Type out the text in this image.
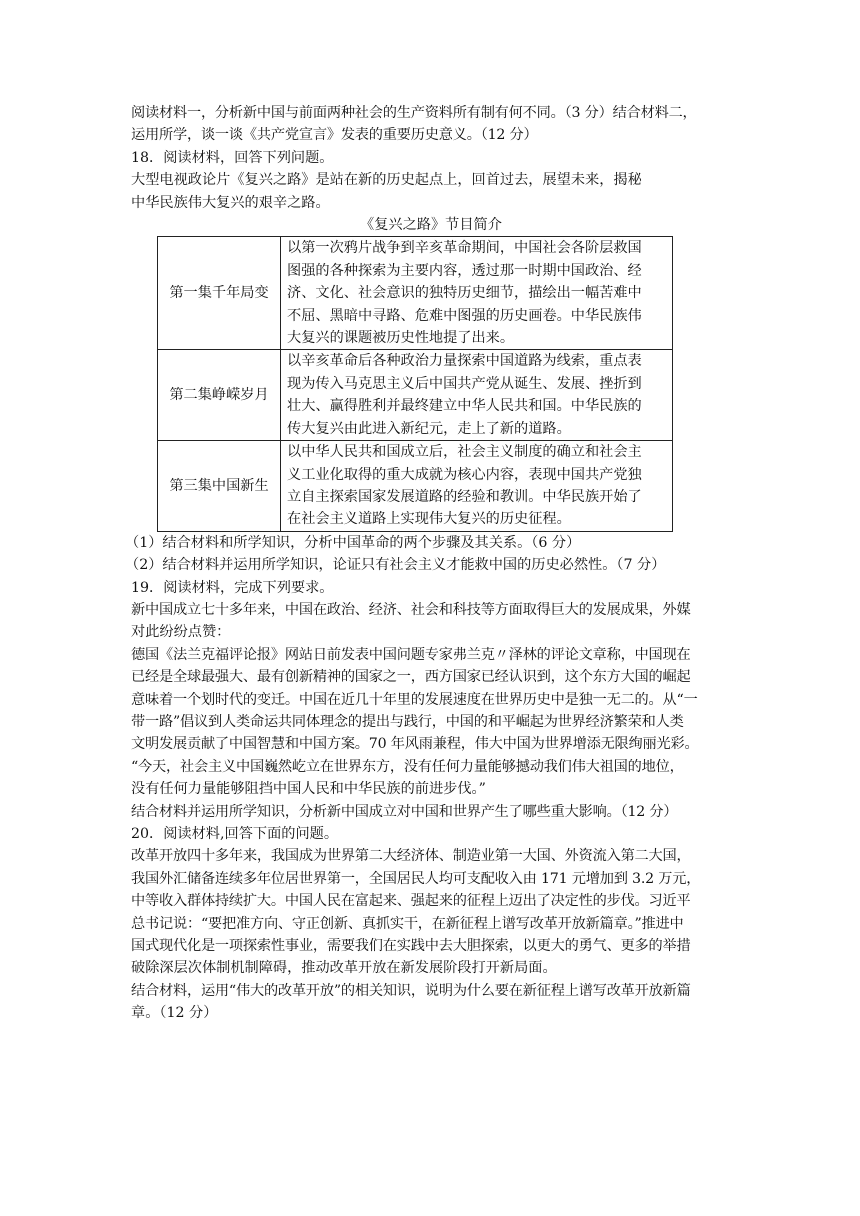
阅读材料一，分析新中国与前面两种社会的生产资料所有制有何不同。（3 分）结合材料二，

运用所学，谈一谈《共产党宣言》发表的重要历史意义。（12 分）

18．阅读材料，回答下列问题。

大型电视政论片《复兴之路》是站在新的历史起点上，回首过去，展望未来，揭秘

中华民族伟大复兴的艰辛之路。

《复兴之路》节目简介

第一集千年局变	以第一次鸦片战争到辛亥革命期间，中国社会各阶层救国
图强的各种探索为主要内容，透过那一时期中国政治、经
济、文化、社会意识的独特历史细节，描绘出一幅苦难中
不屈、黑暗中寻路、危难中图强的历史画卷。中华民族伟
大复兴的课题被历史性地提了出来。

第二集峥嵘岁月	以辛亥革命后各种政治力量探索中国道路为线索，重点表
现为传入马克思主义后中国共产党从诞生、发展、挫折到
壮大、赢得胜利并最终建立中华人民共和国。中华民族的
传大复兴由此进入新纪元，走上了新的道路。

第三集中国新生	以中华人民共和国成立后，社会主义制度的确立和社会主
义工业化取得的重大成就为核心内容，表现中国共产党独
立自主探索国家发展道路的经验和教训。中华民族开始了
在社会主义道路上实现伟大复兴的历史征程。

（1）结合材料和所学知识，分析中国革命的两个步骤及其关系。（6 分）

（2）结合材料并运用所学知识，论证只有社会主义才能救中国的历史必然性。（7 分）

19．阅读材料，完成下列要求。

新中国成立七十多年来，中国在政治、经济、社会和科技等方面取得巨大的发展成果，外媒

对此纷纷点赞：

德国《法兰克福评论报》网站日前发表中国问题专家弗兰克〃泽林的评论文章称，中国现在

已经是全球最强大、最有创新精神的国家之一，西方国家已经认识到，这个东方大国的崛起

意味着一个划时代的变迁。中国在近几十年里的发展速度在世界历史中是独一无二的。从“一

带一路”倡议到人类命运共同体理念的提出与践行，中国的和平崛起为世界经济繁荣和人类

文明发展贡献了中国智慧和中国方案。70 年风雨兼程，伟大中国为世界增添无限绚丽光彩。

“今天，社会主义中国巍然屹立在世界东方，没有任何力量能够撼动我们伟大祖国的地位，

没有任何力量能够阻挡中国人民和中华民族的前进步伐。”

结合材料并运用所学知识，分析新中国成立对中国和世界产生了哪些重大影响。（12 分）

20．阅读材料,回答下面的问题。

改革开放四十多年来，我国成为世界第二大经济体、制造业第一大国、外资流入第二大国，

我国外汇储备连续多年位居世界第一，全国居民人均可支配收入由 171 元增加到 3.2 万元，

中等收入群体持续扩大。中国人民在富起来、强起来的征程上迈出了决定性的步伐。习近平

总书记说：“要把准方向、守正创新、真抓实干，在新征程上谱写改革开放新篇章。”推进中

国式现代化是一项探索性事业，需要我们在实践中去大胆探索，以更大的勇气、更多的举措

破除深层次体制机制障碍，推动改革开放在新发展阶段打开新局面。

结合材料，运用“伟大的改革开放”的相关知识，说明为什么要在新征程上谱写改革开放新篇

章。（12 分）
